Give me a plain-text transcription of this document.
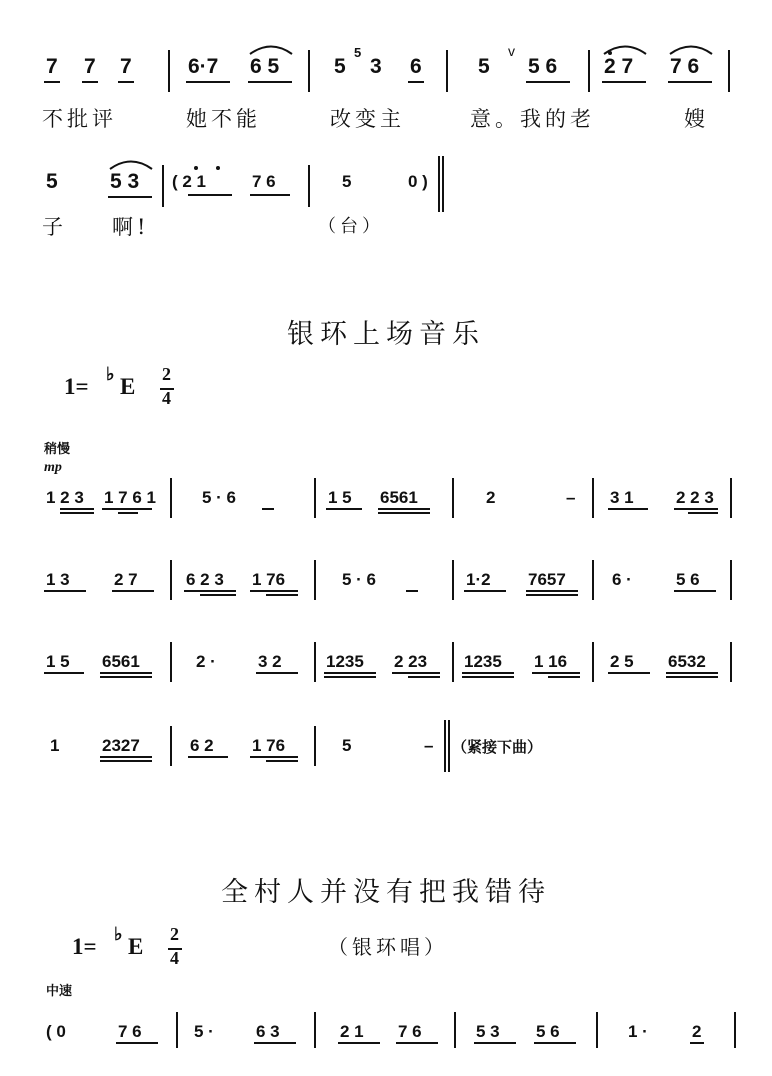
7 7 7	6·7 6 5	5
5
3 6	5
v
5 6 2 7 7 6
不批评	她不能	改变主	意。我的老	嫂
5 5 3 ( 2 1	7 6	5	0 )
子 啊!	（台）
银环上场音乐
1= ♭ E 2
4
稍慢
mp
1 2 3 1 7 6 1	5 · 6	1 5 6561	2	– 3 1 2 2 3
1 3	2 7	6 2 3 1 76	5 · 6	1·2 7657	6 ·	5 6
1 5 6561	2 · 3 2	1235 2 23 1235 1 16	2 5 6532
1	2327	6 2 1 76	5	– （紧接下曲）
全村人并没有把我错待
1= ♭ E 2
4	（银环唱）
中速
( 0	7 6	5 · 6 3	2 1 7 6	5 3 5 6	1 ·	2
